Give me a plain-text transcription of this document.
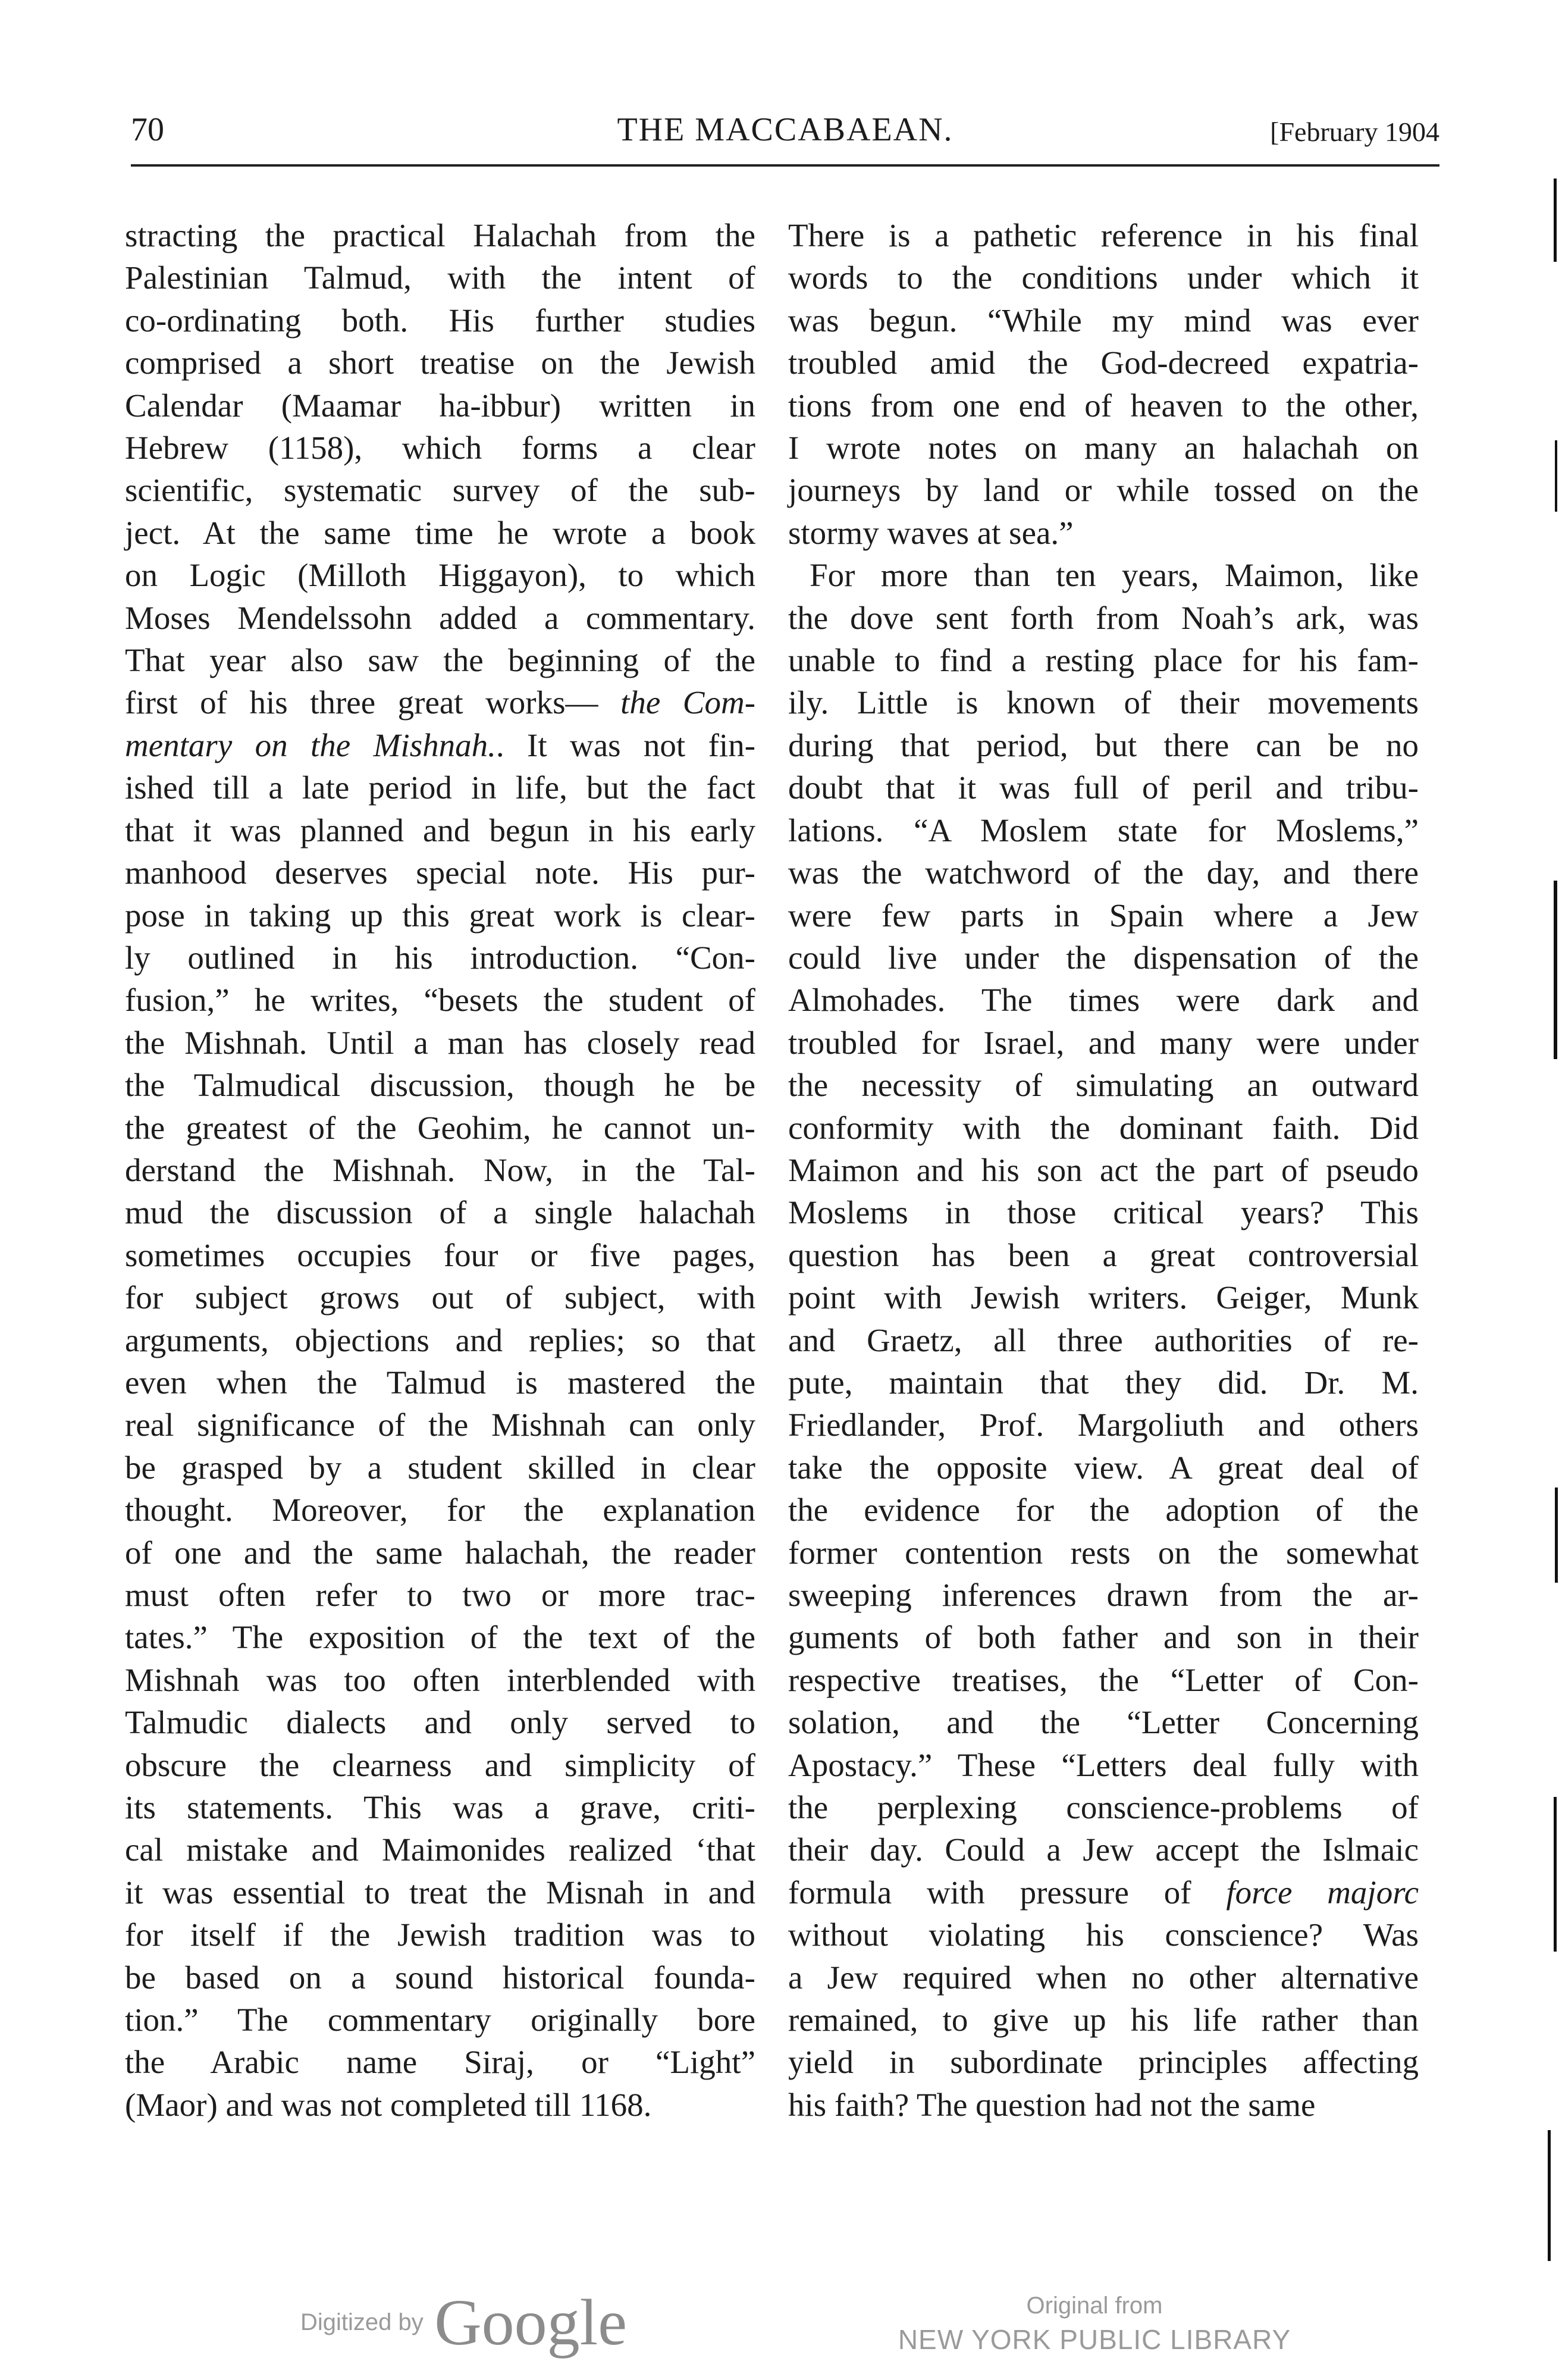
70	THE MACCABAEAN.	[February 1904
stracting the practical Halachah from the
Palestinian Talmud, with the intent of
co-ordinating both. His further studies
comprised a short treatise on the Jewish
Calendar (Maamar ha-ibbur) written in
Hebrew (1158), which forms a clear
scientific, systematic survey of the sub-
ject. At the same time he wrote a book
on Logic (Milloth Higgayon), to which
Moses Mendelssohn added a commentary.
That year also saw the beginning of the
first of his three great works— the Com-
mentary on the Mishnah.. It was not fin-
ished till a late period in life, but the fact
that it was planned and begun in his early
manhood deserves special note. His pur-
pose in taking up this great work is clear-
ly outlined in his introduction. “Con-
fusion,” he writes, “besets the student of
the Mishnah. Until a man has closely read
the Talmudical discussion, though he be
the greatest of the Geohim, he cannot un-
derstand the Mishnah. Now, in the Tal-
mud the discussion of a single halachah
sometimes occupies four or five pages,
for subject grows out of subject, with
arguments, objections and replies; so that
even when the Talmud is mastered the
real significance of the Mishnah can only
be grasped by a student skilled in clear
thought. Moreover, for the explanation
of one and the same halachah, the reader
must often refer to two or more trac-
tates.” The exposition of the text of the
Mishnah was too often interblended with
Talmudic dialects and only served to
obscure the clearness and simplicity of
its statements. This was a grave, criti-
cal mistake and Maimonides realized ‘that
it was essential to treat the Misnah in and
for itself if the Jewish tradition was to
be based on a sound historical founda-
tion.” The commentary originally bore
the Arabic name Siraj, or “Light”
(Maor) and was not completed till 1168.
There is a pathetic reference in his final
words to the conditions under which it
was begun. “While my mind was ever
troubled amid the God-decreed expatria-
tions from one end of heaven to the other,
I wrote notes on many an halachah on
journeys by land or while tossed on the
stormy waves at sea.”
For more than ten years, Maimon, like
the dove sent forth from Noah’s ark, was
unable to find a resting place for his fam-
ily. Little is known of their movements
during that period, but there can be no
doubt that it was full of peril and tribu-
lations. “A Moslem state for Moslems,”
was the watchword of the day, and there
were few parts in Spain where a Jew
could live under the dispensation of the
Almohades. The times were dark and
troubled for Israel, and many were under
the necessity of simulating an outward
conformity with the dominant faith. Did
Maimon and his son act the part of pseudo
Moslems in those critical years? This
question has been a great controversial
point with Jewish writers. Geiger, Munk
and Graetz, all three authorities of re-
pute, maintain that they did. Dr. M.
Friedlander, Prof. Margoliuth and others
take the opposite view. A great deal of
the evidence for the adoption of the
former contention rests on the somewhat
sweeping inferences drawn from the ar-
guments of both father and son in their
respective treatises, the “Letter of Con-
solation, and the “Letter Concerning
Apostacy.” These “Letters deal fully with
the perplexing conscience-problems of
their day. Could a Jew accept the Islmaic
formula with pressure of force majorc
without violating his conscience? Was
a Jew required when no other alternative
remained, to give up his life rather than
yield in subordinate principles affecting
his faith? The question had not the same
Digitized by Google	Original from
NEW YORK PUBLIC LIBRARY
